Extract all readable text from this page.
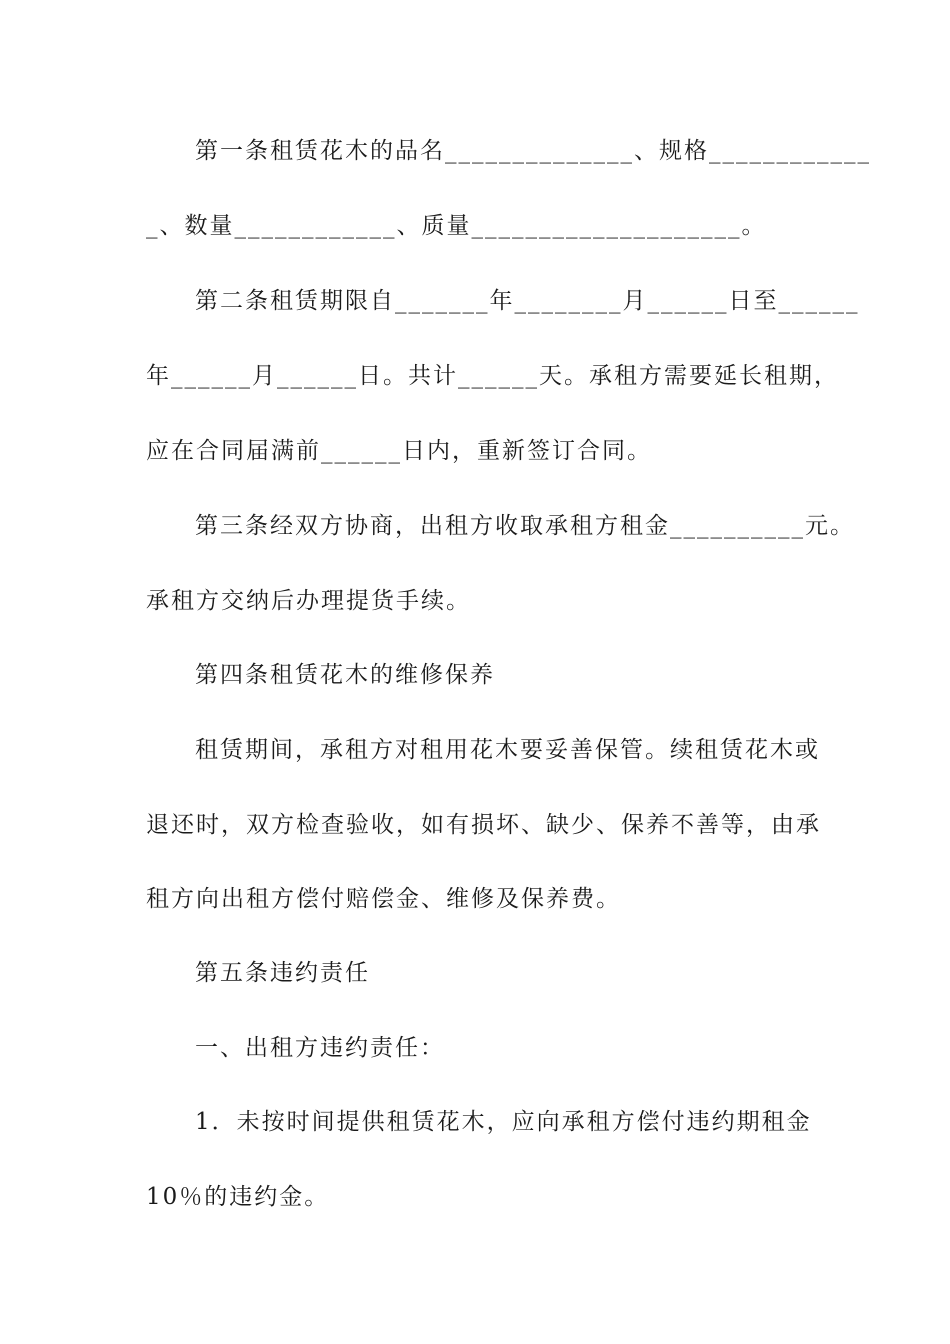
第一条租赁花木的品名______________、规格____________
_、数量____________、质量____________________。
第二条租赁期限自_______年________月______日至______
年______月______日。共计______天。承租方需要延长租期，
应在合同届满前______日内，重新签订合同。
第三条经双方协商，出租方收取承租方租金__________元。
承租方交纳后办理提货手续。
第四条租赁花木的维修保养
租赁期间，承租方对租用花木要妥善保管。续租赁花木或
退还时，双方检查验收，如有损坏、缺少、保养不善等，由承
租方向出租方偿付赔偿金、维修及保养费。
第五条违约责任
一、出租方违约责任：
1．未按时间提供租赁花木，应向承租方偿付违约期租金
10％的违约金。
